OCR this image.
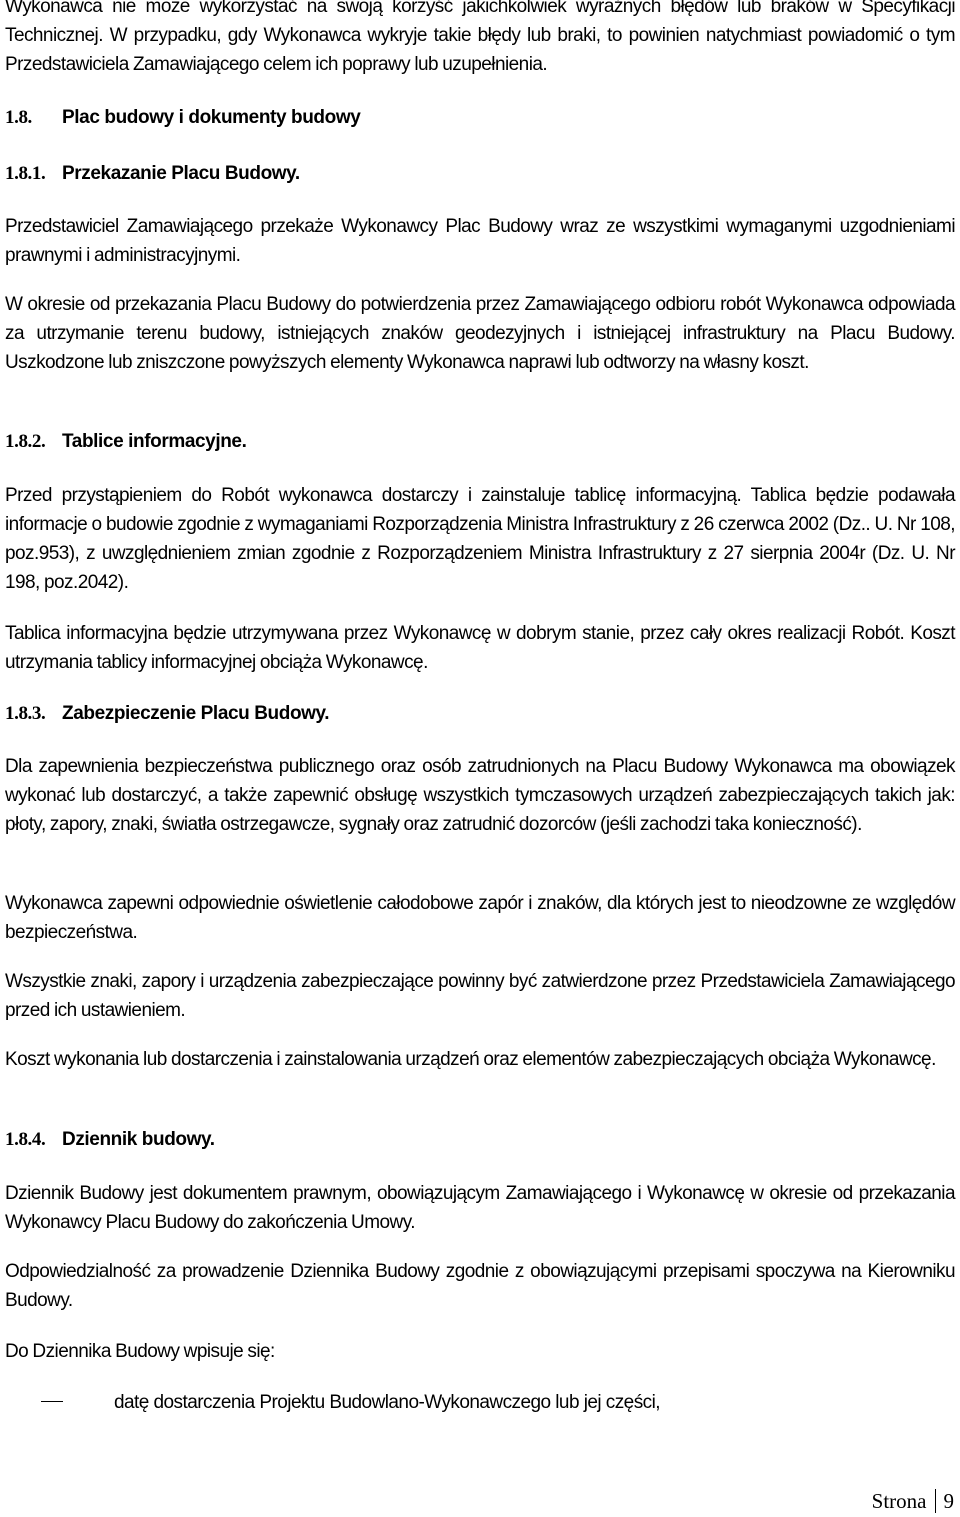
Wykonawca nie może wykorzystać na swoją korzyść jakichkolwiek wyraźnych błędów lub braków w Specyfikacji Technicznej. W przypadku, gdy Wykonawca wykryje takie błędy lub braki, to powinien natychmiast powiadomić o tym Przedstawiciela Zamawiającego celem ich poprawy lub uzupełnienia.

1.8.	Plac budowy i dokumenty budowy
1.8.1. Przekazanie Placu Budowy.

Przedstawiciel Zamawiającego przekaże Wykonawcy Plac Budowy wraz ze wszystkimi wymaganymi uzgodnieniami prawnymi i administracyjnymi.

W okresie od przekazania Placu Budowy do potwierdzenia przez Zamawiającego odbioru robót Wykonawca odpowiada za utrzymanie terenu budowy, istniejących znaków geodezyjnych i istniejącej infrastruktury na Placu Budowy. Uszkodzone lub zniszczone powyższych elementy Wykonawca naprawi lub odtworzy na własny koszt.

1.8.2. Tablice informacyjne.

Przed przystąpieniem do Robót wykonawca dostarczy i zainstaluje tablicę informacyjną. Tablica będzie podawała informacje o budowie zgodnie z wymaganiami Rozporządzenia Ministra Infrastruktury z 26 czerwca 2002 (Dz.. U. Nr 108, poz.953), z uwzględnieniem zmian zgodnie z Rozporządzeniem Ministra Infrastruktury z 27 sierpnia 2004r (Dz. U. Nr 198, poz.2042).

Tablica informacyjna będzie utrzymywana przez Wykonawcę w dobrym stanie, przez cały okres realizacji Robót. Koszt utrzymania tablicy informacyjnej obciąża Wykonawcę.

1.8.3. Zabezpieczenie Placu Budowy.

Dla zapewnienia bezpieczeństwa publicznego oraz osób zatrudnionych na Placu Budowy Wykonawca ma obowiązek wykonać lub dostarczyć, a także zapewnić obsługę wszystkich tymczasowych urządzeń zabezpieczających takich jak: płoty, zapory, znaki, światła ostrzegawcze, sygnały oraz zatrudnić dozorców (jeśli zachodzi taka konieczność).

Wykonawca zapewni odpowiednie oświetlenie całodobowe zapór i znaków, dla których jest to nieodzowne ze względów bezpieczeństwa.

Wszystkie znaki, zapory i urządzenia zabezpieczające powinny być zatwierdzone przez Przedstawiciela Zamawiającego przed ich ustawieniem.

Koszt wykonania lub dostarczenia i zainstalowania urządzeń oraz elementów zabezpieczających obciąża Wykonawcę.

1.8.4. Dziennik budowy.

Dziennik Budowy jest dokumentem prawnym, obowiązującym Zamawiającego i Wykonawcę w okresie od przekazania Wykonawcy Placu Budowy do zakończenia Umowy.

Odpowiedzialność za prowadzenie Dziennika Budowy zgodnie z obowiązującymi przepisami spoczywa na Kierowniku Budowy.

Do Dziennika Budowy wpisuje się:

datę dostarczenia Projektu Budowlano-Wykonawczego lub jej części,
Strona 9
